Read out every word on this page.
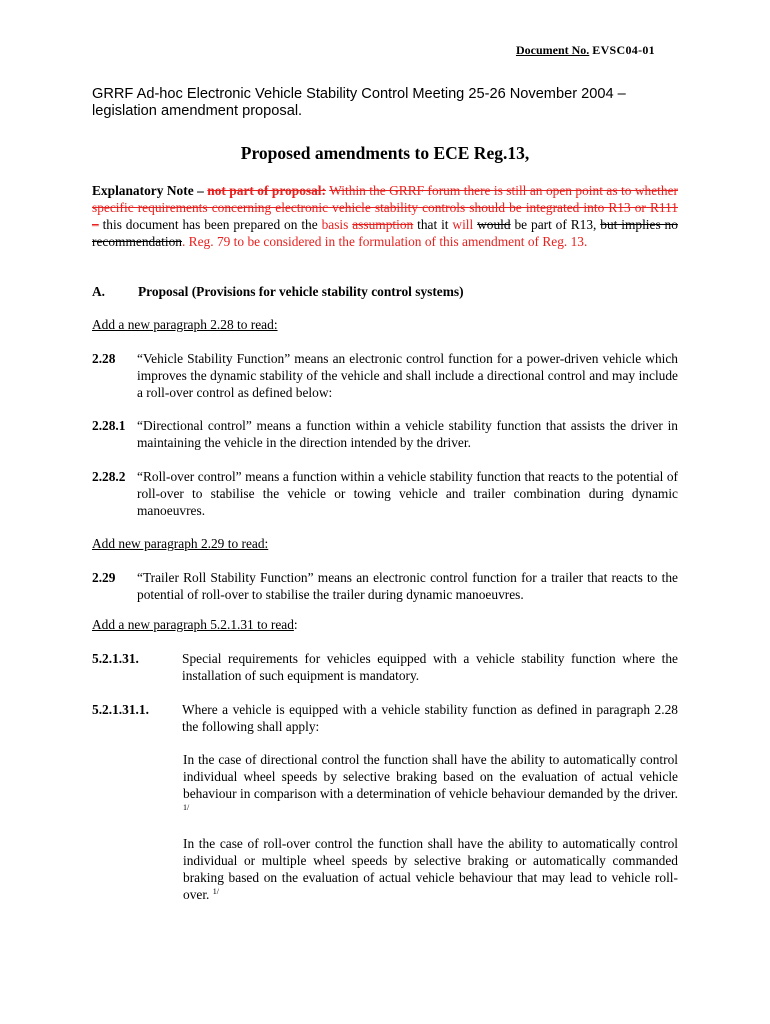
Document No. EVSC04-01
GRRF Ad-hoc Electronic Vehicle Stability Control Meeting 25-26 November 2004 – legislation amendment proposal.
Proposed amendments to ECE Reg.13,
Explanatory Note – not part of proposal: Within the GRRF forum there is still an open point as to whether specific requirements concerning electronic vehicle stability controls should be integrated into R13 or R111 – this document has been prepared on the basis assumption that it will would be part of R13, but implies no recommendation. Reg. 79 to be considered in the formulation of this amendment of Reg. 13.
A. Proposal (Provisions for vehicle stability control systems)
Add a new paragraph 2.28 to read:
2.28 “Vehicle Stability Function” means an electronic control function for a power-driven vehicle which improves the dynamic stability of the vehicle and shall include a directional control and may include a roll-over control as defined below:
2.28.1 “Directional control” means a function within a vehicle stability function that assists the driver in maintaining the vehicle in the direction intended by the driver.
2.28.2 “Roll-over control” means a function within a vehicle stability function that reacts to the potential of roll-over to stabilise the vehicle or towing vehicle and trailer combination during dynamic manoeuvres.
Add new paragraph 2.29 to read:
2.29 “Trailer Roll Stability Function” means an electronic control function for a trailer that reacts to the potential of roll-over to stabilise the trailer during dynamic manoeuvres.
Add a new paragraph 5.2.1.31 to read:
5.2.1.31.	Special requirements for vehicles equipped with a vehicle stability function where the installation of such equipment is mandatory.
5.2.1.31.1. Where a vehicle is equipped with a vehicle stability function as defined in paragraph 2.28 the following shall apply:
In the case of directional control the function shall have the ability to automatically control individual wheel speeds by selective braking based on the evaluation of actual vehicle behaviour in comparison with a determination of vehicle behaviour demanded by the driver. $^{1/}$
In the case of roll-over control the function shall have the ability to automatically control individual or multiple wheel speeds by selective braking or automatically commanded braking based on the evaluation of actual vehicle behaviour that may lead to vehicle roll-over. $^{1/}$
